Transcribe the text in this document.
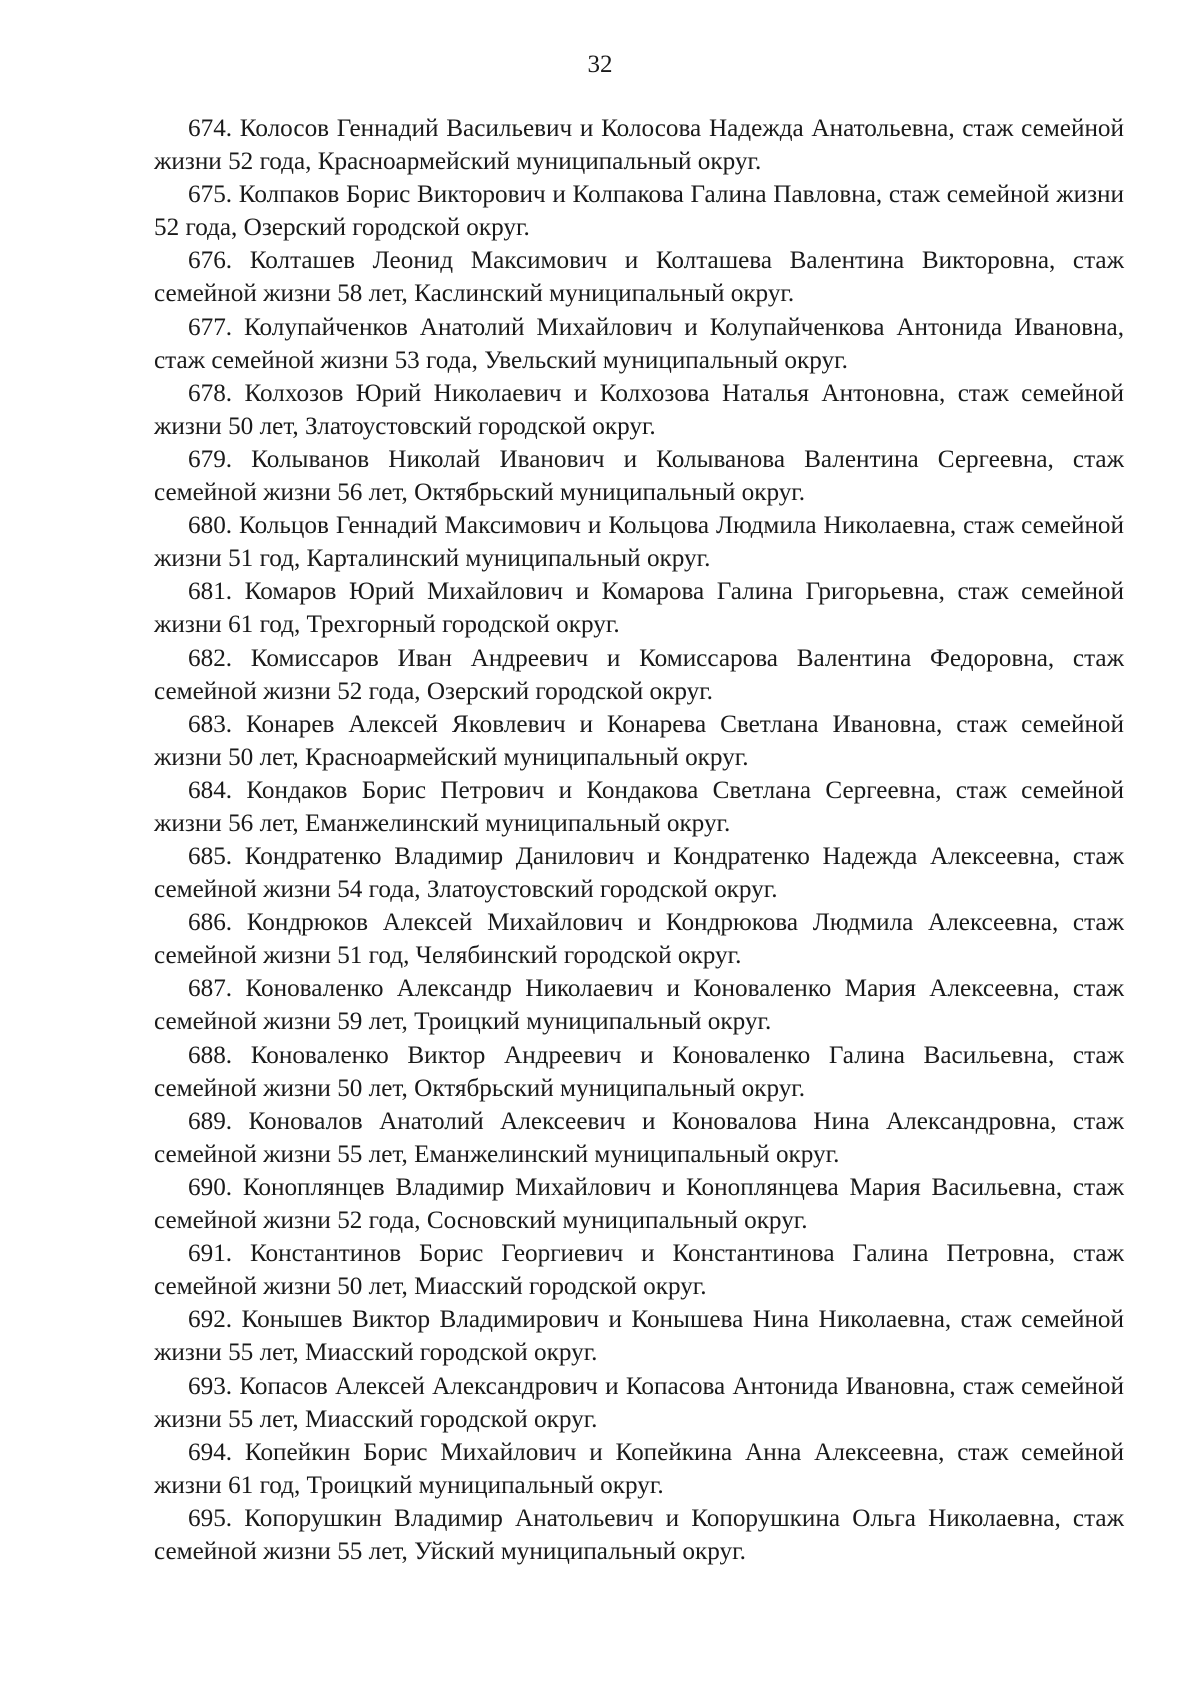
32

674. Колосов Геннадий Васильевич и Колосова Надежда Анатольевна, стаж семейной жизни 52 года, Красноармейский муниципальный округ.
675. Колпаков Борис Викторович и Колпакова Галина Павловна, стаж семейной жизни 52 года, Озерский городской округ.
676. Колташев Леонид Максимович и Колташева Валентина Викторовна, стаж семейной жизни 58 лет, Каслинский муниципальный округ.
677. Колупайченков Анатолий Михайлович и Колупайченкова Антонида Ивановна, стаж семейной жизни 53 года, Увельский муниципальный округ.
678. Колхозов Юрий Николаевич и Колхозова Наталья Антоновна, стаж семейной жизни 50 лет, Златоустовский городской округ.
679. Колыванов Николай Иванович и Колыванова Валентина Сергеевна, стаж семейной жизни 56 лет, Октябрьский муниципальный округ.
680. Кольцов Геннадий Максимович и Кольцова Людмила Николаевна, стаж семейной жизни 51 год, Карталинский муниципальный округ.
681. Комаров Юрий Михайлович и Комарова Галина Григорьевна, стаж семейной жизни 61 год, Трехгорный городской округ.
682. Комиссаров Иван Андреевич и Комиссарова Валентина Федоровна, стаж семейной жизни 52 года, Озерский городской округ.
683. Конарев Алексей Яковлевич и Конарева Светлана Ивановна, стаж семейной жизни 50 лет, Красноармейский муниципальный округ.
684. Кондаков Борис Петрович и Кондакова Светлана Сергеевна, стаж семейной жизни 56 лет, Еманжелинский муниципальный округ.
685. Кондратенко Владимир Данилович и Кондратенко Надежда Алексеевна, стаж семейной жизни 54 года, Златоустовский городской округ.
686. Кондрюков Алексей Михайлович и Кондрюкова Людмила Алексеевна, стаж семейной жизни 51 год, Челябинский городской округ.
687. Коноваленко Александр Николаевич и Коноваленко Мария Алексеевна, стаж семейной жизни 59 лет, Троицкий муниципальный округ.
688. Коноваленко Виктор Андреевич и Коноваленко Галина Васильевна, стаж семейной жизни 50 лет, Октябрьский муниципальный округ.
689. Коновалов Анатолий Алексеевич и Коновалова Нина Александровна, стаж семейной жизни 55 лет, Еманжелинский муниципальный округ.
690. Коноплянцев Владимир Михайлович и Коноплянцева Мария Васильевна, стаж семейной жизни 52 года, Сосновский муниципальный округ.
691. Константинов Борис Георгиевич и Константинова Галина Петровна, стаж семейной жизни 50 лет, Миасский городской округ.
692. Конышев Виктор Владимирович и Конышева Нина Николаевна, стаж семейной жизни 55 лет, Миасский городской округ.
693. Копасов Алексей Александрович и Копасова Антонида Ивановна, стаж семейной жизни 55 лет, Миасский городской округ.
694. Копейкин Борис Михайлович и Копейкина Анна Алексеевна, стаж семейной жизни 61 год, Троицкий муниципальный округ.
695. Копорушкин Владимир Анатольевич и Копорушкина Ольга Николаевна, стаж семейной жизни 55 лет, Уйский муниципальный округ.
